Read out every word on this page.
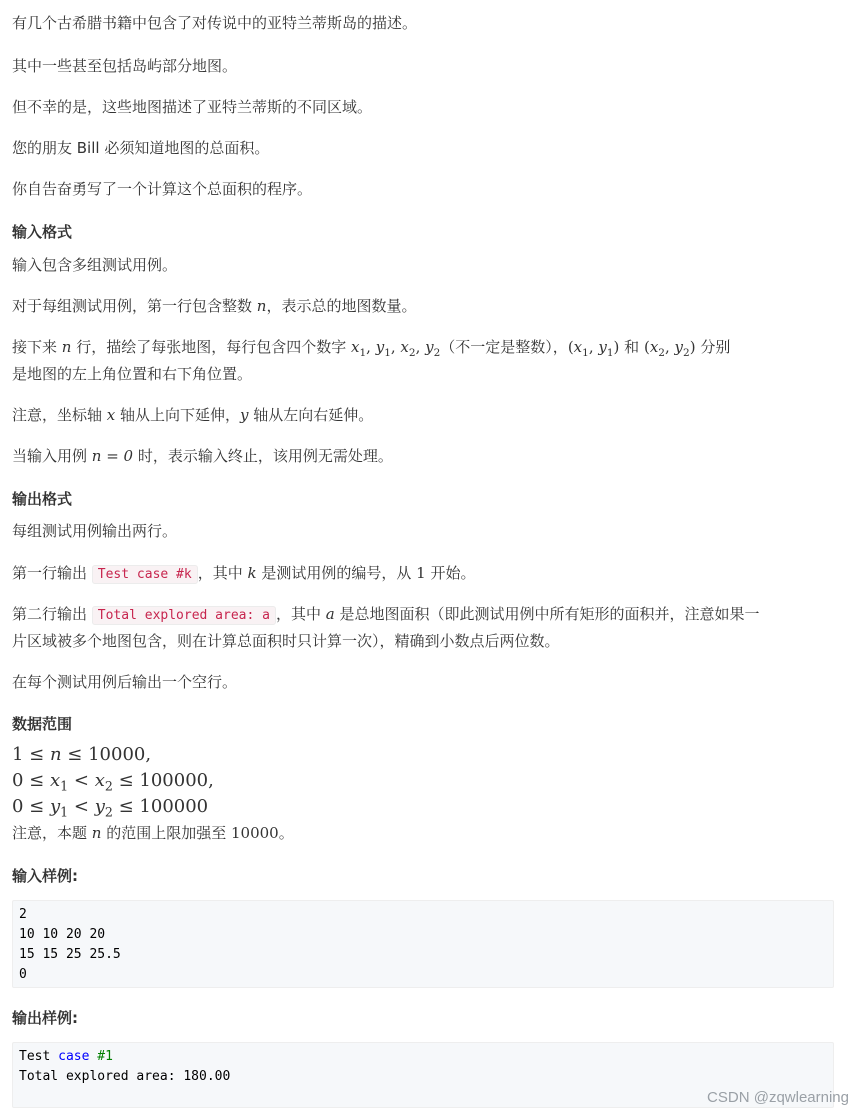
有几个古希腊书籍中包含了对传说中的亚特兰蒂斯岛的描述。
其中一些甚至包括岛屿部分地图。
但不幸的是，这些地图描述了亚特兰蒂斯的不同区域。
您的朋友 Bill 必须知道地图的总面积。
你自告奋勇写了一个计算这个总面积的程序。
输入格式
输入包含多组测试用例。
对于每组测试用例，第一行包含整数 n，表示总的地图数量。
接下来 n 行，描绘了每张地图，每行包含四个数字 $x_1$, $y_1$, $x_2$, $y_2$（不一定是整数），($x_1$, $y_1$) 和 ($x_2$, $y_2$) 分别
是地图的左上角位置和右下角位置。
注意，坐标轴 x 轴从上向下延伸，y 轴从左向右延伸。
当输入用例 n = 0 时，表示输入终止，该用例无需处理。
输出格式
每组测试用例输出两行。
第一行输出 Test case #k ，其中 k 是测试用例的编号，从 1 开始。
第二行输出 Total explored area: a ，其中 a 是总地图面积（即此测试用例中所有矩形的面积并，注意如果一
片区域被多个地图包含，则在计算总面积时只计算一次），精确到小数点后两位数。
在每个测试用例后输出一个空行。
数据范围
1 ≤ n ≤ 10000,
$0 \le x_1 < x_2 \le 100000$,
$0 \le y_1 < y_2 \le 100000$
注意，本题 n 的范围上限加强至 10000。
输入样例:
2
10 10 20 20
15 15 25 25.5
0
输出样例:
Test case #1
Total explored area: 180.00
CSDN @zqwlearning
